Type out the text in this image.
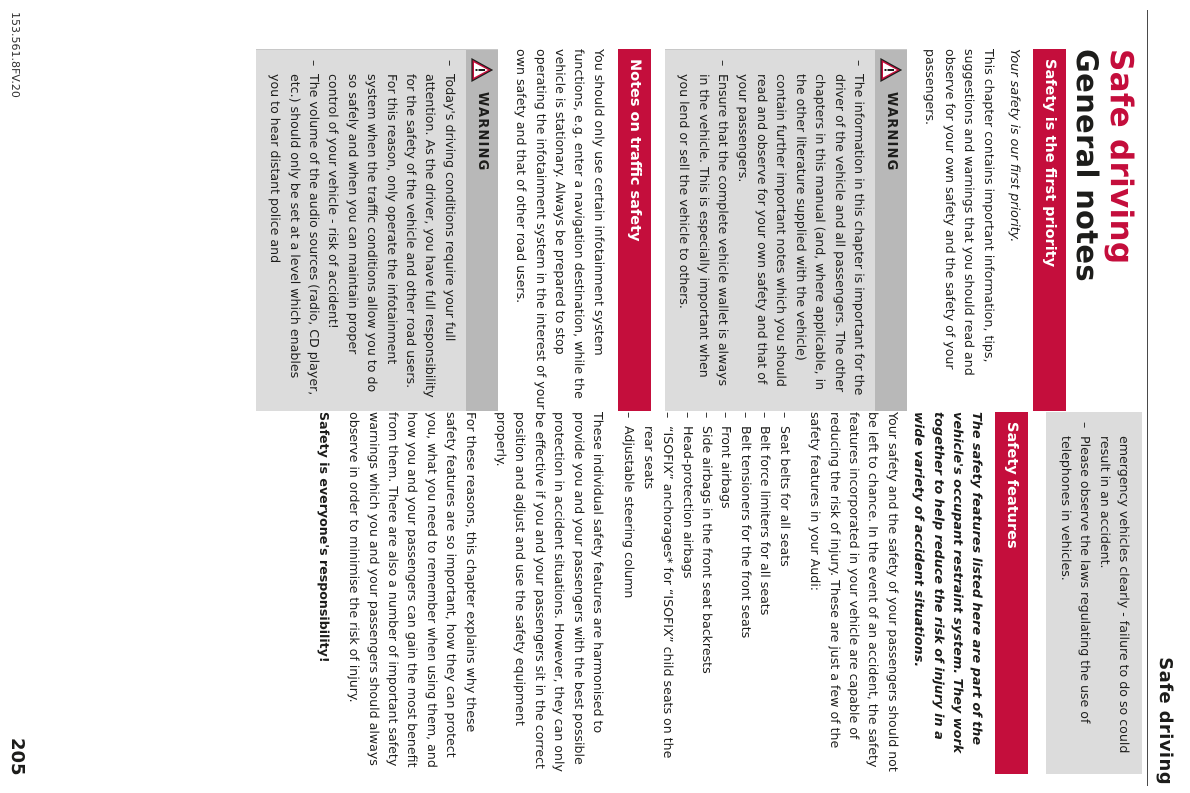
Safe driving
Safe driving
General notes
Safety is the first priority
Your safety is our first priority.

This chapter contains important information, tips, suggestions and warnings that you should read and observe for your own safety and the safety of your passengers.

WARNING
– The information in this chapter is important for the driver of the vehicle and all passengers. The other chapters in this manual (and, where applicable, in the other literature supplied with the vehicle) contain further important notes which you should read and observe for your own safety and that of your passengers.
– Ensure that the complete vehicle wallet is always in the vehicle. This is especially important when you lend or sell the vehicle to others.
Notes on traffic safety

You should only use certain infotainment system functions, e.g. enter a navigation destination, while the vehicle is stationary. Always be prepared to stop operating the infotainment system in the interest of your own safety and that of other road users.

WARNING
– Today's driving conditions require your full attention. As the driver, you have full responsibility for the safety of the vehicle and other road users. For this reason, only operate the infotainment system when the traffic conditions allow you to do so safely and when you can maintain proper control of your vehicle - risk of accident!
– The volume of the audio sources (radio, CD player, etc.) should only be set at a level which enables you to hear distant police and
emergency vehicles clearly - failure to do so could result in an accident.
– Please observe the laws regulating the use of telephones in vehicles.
Safety features
The safety features listed here are part of the vehicle's occupant restraint system. They work together to help reduce the risk of injury in a wide variety of accident situations.

Your safety and the safety of your passengers should not be left to chance. In the event of an accident, the safety features incorporated in your vehicle are capable of reducing the risk of injury. These are just a few of the safety features in your Audi:

– Seat belts for all seats
– Belt force limiters for all seats
– Belt tensioners for the front seats
– Front airbags
– Side airbags in the front seat backrests
– Head-protection airbags
– “ISOFIX” anchorages* for “ISOFIX” child seats on the rear seats
– Adjustable steering column

These individual safety features are harmonised to provide you and your passengers with the best possible protection in accident situations. However, they can only be effective if you and your passengers sit in the correct position and adjust and use the safety equipment properly.

For these reasons, this chapter explains why these safety features are so important, how they can protect you, what you need to remember when using them, and how you and your passengers can gain the most benefit from them. There are also a number of important safety warnings which you and your passengers should always observe in order to minimise the risk of injury.

Safety is everyone's responsibility!
153.561.8FV.20
205
